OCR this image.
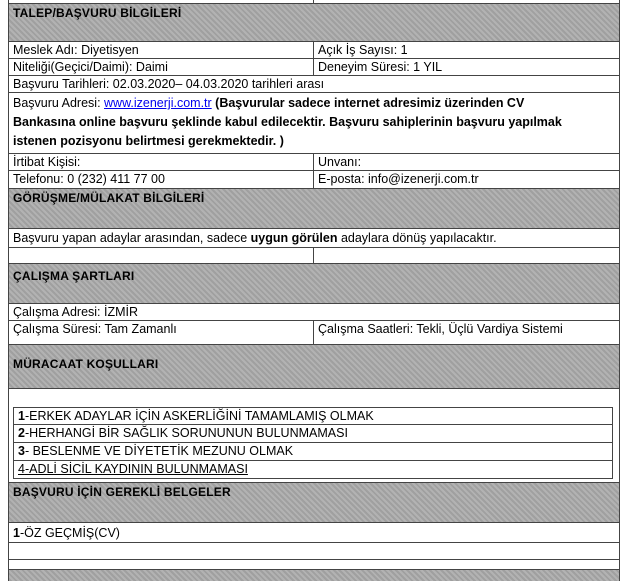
TALEP/BAŞVURU BİLGİLERİ
Meslek Adı: Diyetisyen	Açık İş Sayısı: 1
Niteliği(Geçici/Daimi): Daimi	Deneyim Süresi: 1 YIL
Başvuru Tarihleri: 02.03.2020– 04.03.2020 tarihleri arası
Başvuru Adresi: www.izenerji.com.tr (Başvurular sadece internet adresimiz üzerinden CV
Bankasına online başvuru şeklinde kabul edilecektir. Başvuru sahiplerinin başvuru yapılmak
istenen pozisyonu belirtmesi gerekmektedir. )
İrtibat Kişisi:	Unvanı:
Telefonu: 0 (232) 411 77 00	E-posta: info@izenerji.com.tr
GÖRÜŞME/MÜLAKAT BİLGİLERİ
Başvuru yapan adaylar arasından, sadece uygun görülen adaylara dönüş yapılacaktır.
ÇALIŞMA ŞARTLARI
Çalışma Adresi: İZMİR
Çalışma Süresi: Tam Zamanlı	Çalışma Saatleri: Tekli, Üçlü Vardiya Sistemi
MÜRACAAT KOŞULLARI
1-ERKEK ADAYLAR İÇİN ASKERLİĞİNİ TAMAMLAMIŞ OLMAK
2-HERHANGİ BİR SAĞLIK SORUNUNUN BULUNMAMASI
3- BESLENME VE DİYETETİK MEZUNU OLMAK
4-ADLİ SİCİL KAYDININ BULUNMAMASI
BAŞVURU İÇİN GEREKLİ BELGELER
1-ÖZ GEÇMİŞ(CV)
